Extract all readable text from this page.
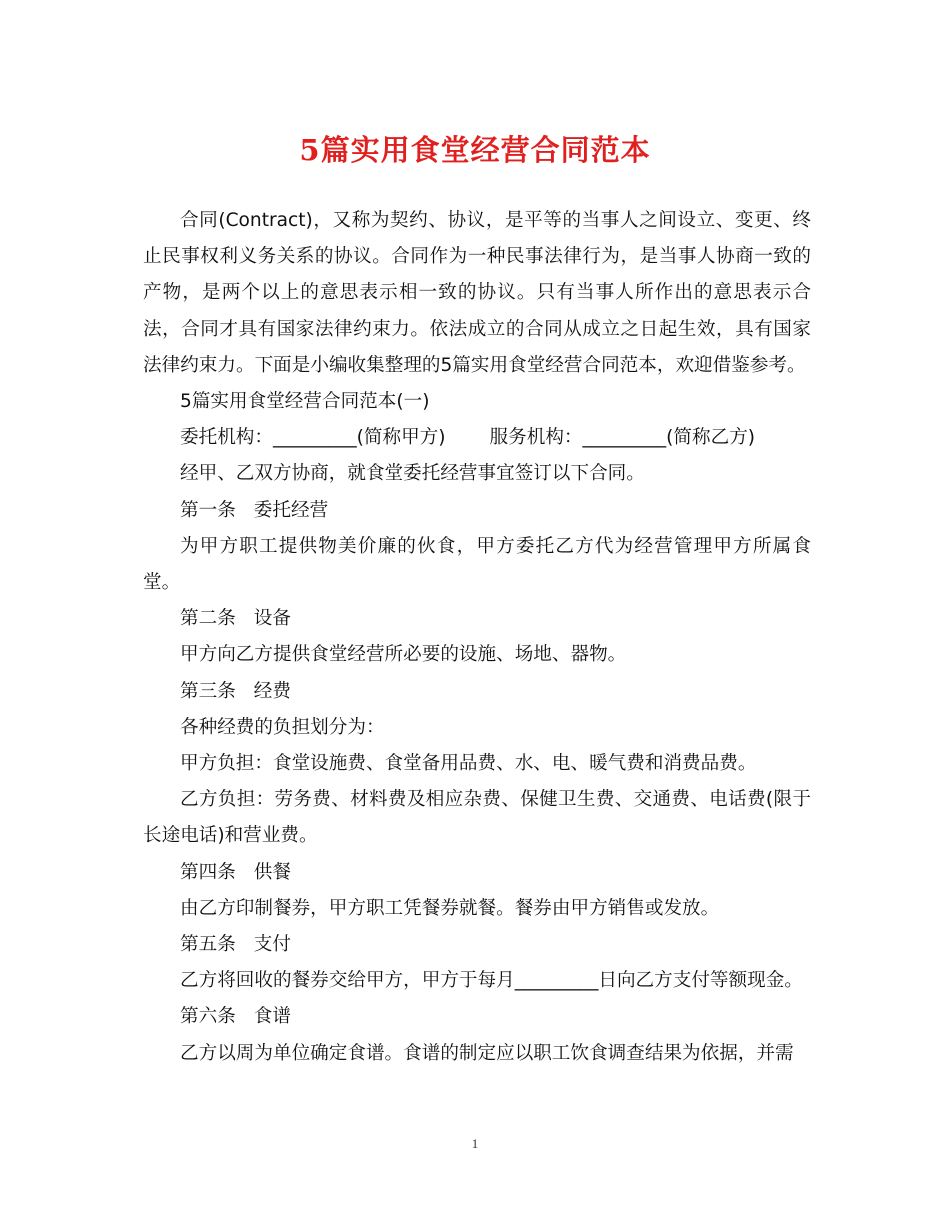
5篇实用食堂经营合同范本

合同(Contract)，又称为契约、协议，是平等的当事人之间设立、变更、终止民事权利义务关系的协议。合同作为一种民事法律行为，是当事人协商一致的产物，是两个以上的意思表示相一致的协议。只有当事人所作出的意思表示合法，合同才具有国家法律约束力。依法成立的合同从成立之日起生效，具有国家法律约束力。下面是小编收集整理的5篇实用食堂经营合同范本，欢迎借鉴参考。

5篇实用食堂经营合同范本(一)

委托机构：_________(简称甲方) 服务机构：_________(简称乙方)

经甲、乙双方协商，就食堂委托经营事宜签订以下合同。

第一条 委托经营

为甲方职工提供物美价廉的伙食，甲方委托乙方代为经营管理甲方所属食堂。

第二条 设备

甲方向乙方提供食堂经营所必要的设施、场地、器物。

第三条 经费

各种经费的负担划分为：

甲方负担：食堂设施费、食堂备用品费、水、电、暖气费和消费品费。

乙方负担：劳务费、材料费及相应杂费、保健卫生费、交通费、电话费(限于长途电话)和营业费。

第四条 供餐

由乙方印制餐券，甲方职工凭餐券就餐。餐券由甲方销售或发放。

第五条 支付

乙方将回收的餐券交给甲方，甲方于每月_________日向乙方支付等额现金。

第六条 食谱

乙方以周为单位确定食谱。食谱的制定应以职工饮食调查结果为依据，并需

1
